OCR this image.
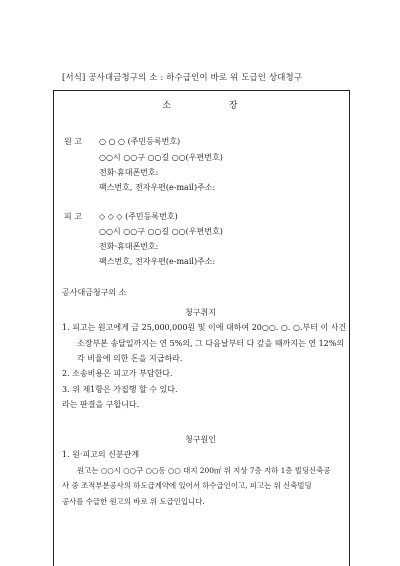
[서식] 공사대금청구의 소 : 하수급인이 바로 위 도급인 상대청구
소	장
원 고 ○ ○ ○ (주민등록번호)
○○시 ○○구 ○○길 ○○(우편번호)
전화·휴대폰번호:
팩스번호, 전자우편(e-mail)주소:
피 고 ◇ ◇ ◇ (주민등록번호)
○○시 ○○구 ○○길 ○○(우편번호)
전화·휴대폰번호:
팩스번호, 전자우편(e-mail)주소:
공사대금청구의 소
청구취지
1. 피고는 원고에게 금 25,000,000원 및 이에 대하여 20○○. ○. ○.부터 이 사건
소장부본 송달일까지는 연 5%의, 그 다음날부터 다 갚을 때까지는 연 12%의
각 비율에 의한 돈을 지급하라.
2. 소송비용은 피고가 부담한다.
3. 위 제1항은 가집행 할 수 있다.
라는 판결을 구합니다.
청구원인
1. 원·피고의 신분관계
원고는 ○○시 ○○구 ○○동 ○○ 대지 200㎡ 위 지상 7층 지하 1층 빌딩신축공
사 중 조적부분공사의 하도급계약에 있어서 하수급인이고, 피고는 위 신축빌딩
공사를 수급한 원고의 바로 위 도급인입니다.
